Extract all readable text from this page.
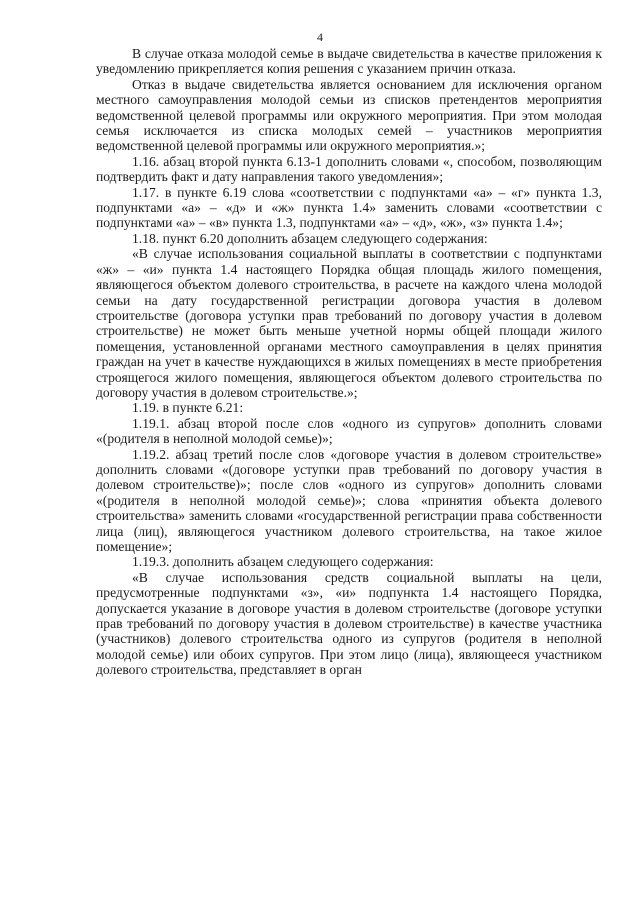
4

В случае отказа молодой семье в выдаче свидетельства в качестве приложения к уведомлению прикрепляется копия решения с указанием причин отказа.

Отказ в выдаче свидетельства является основанием для исключения органом местного самоуправления молодой семьи из списков претендентов мероприятия ведомственной целевой программы или окружного мероприятия. При этом молодая семья исключается из списка молодых семей – участников мероприятия ведомственной целевой программы или окружного мероприятия.»;

1.16. абзац второй пункта 6.13-1 дополнить словами «, способом, позволяющим подтвердить факт и дату направления такого уведомления»;

1.17. в пункте 6.19 слова «соответствии с подпунктами «а» – «г» пункта 1.3, подпунктами «а» – «д» и «ж» пункта 1.4» заменить словами «соответствии с подпунктами «а» – «в» пункта 1.3, подпунктами «а» – «д», «ж», «з» пункта 1.4»;

1.18. пункт 6.20 дополнить абзацем следующего содержания:

«В случае использования социальной выплаты в соответствии с подпунктами «ж» – «и» пункта 1.4 настоящего Порядка общая площадь жилого помещения, являющегося объектом долевого строительства, в расчете на каждого члена молодой семьи на дату государственной регистрации договора участия в долевом строительстве (договора уступки прав требований по договору участия в долевом строительстве) не может быть меньше учетной нормы общей площади жилого помещения, установленной органами местного самоуправления в целях принятия граждан на учет в качестве нуждающихся в жилых помещениях в месте приобретения строящегося жилого помещения, являющегося объектом долевого строительства по договору участия в долевом строительстве.»;

1.19. в пункте 6.21:

1.19.1. абзац второй после слов «одного из супругов» дополнить словами «(родителя в неполной молодой семье)»;

1.19.2. абзац третий после слов «договоре участия в долевом строительстве» дополнить словами «(договоре уступки прав требований по договору участия в долевом строительстве)»; после слов «одного из супругов» дополнить словами «(родителя в неполной молодой семье)»; слова «принятия объекта долевого строительства» заменить словами «государственной регистрации права собственности лица (лиц), являющегося участником долевого строительства, на такое жилое помещение»;

1.19.3. дополнить абзацем следующего содержания:

«В случае использования средств социальной выплаты на цели, предусмотренные подпунктами «з», «и» подпункта 1.4 настоящего Порядка, допускается указание в договоре участия в долевом строительстве (договоре уступки прав требований по договору участия в долевом строительстве) в качестве участника (участников) долевого строительства одного из супругов (родителя в неполной молодой семье) или обоих супругов. При этом лицо (лица), являющееся участником долевого строительства, представляет в орган
